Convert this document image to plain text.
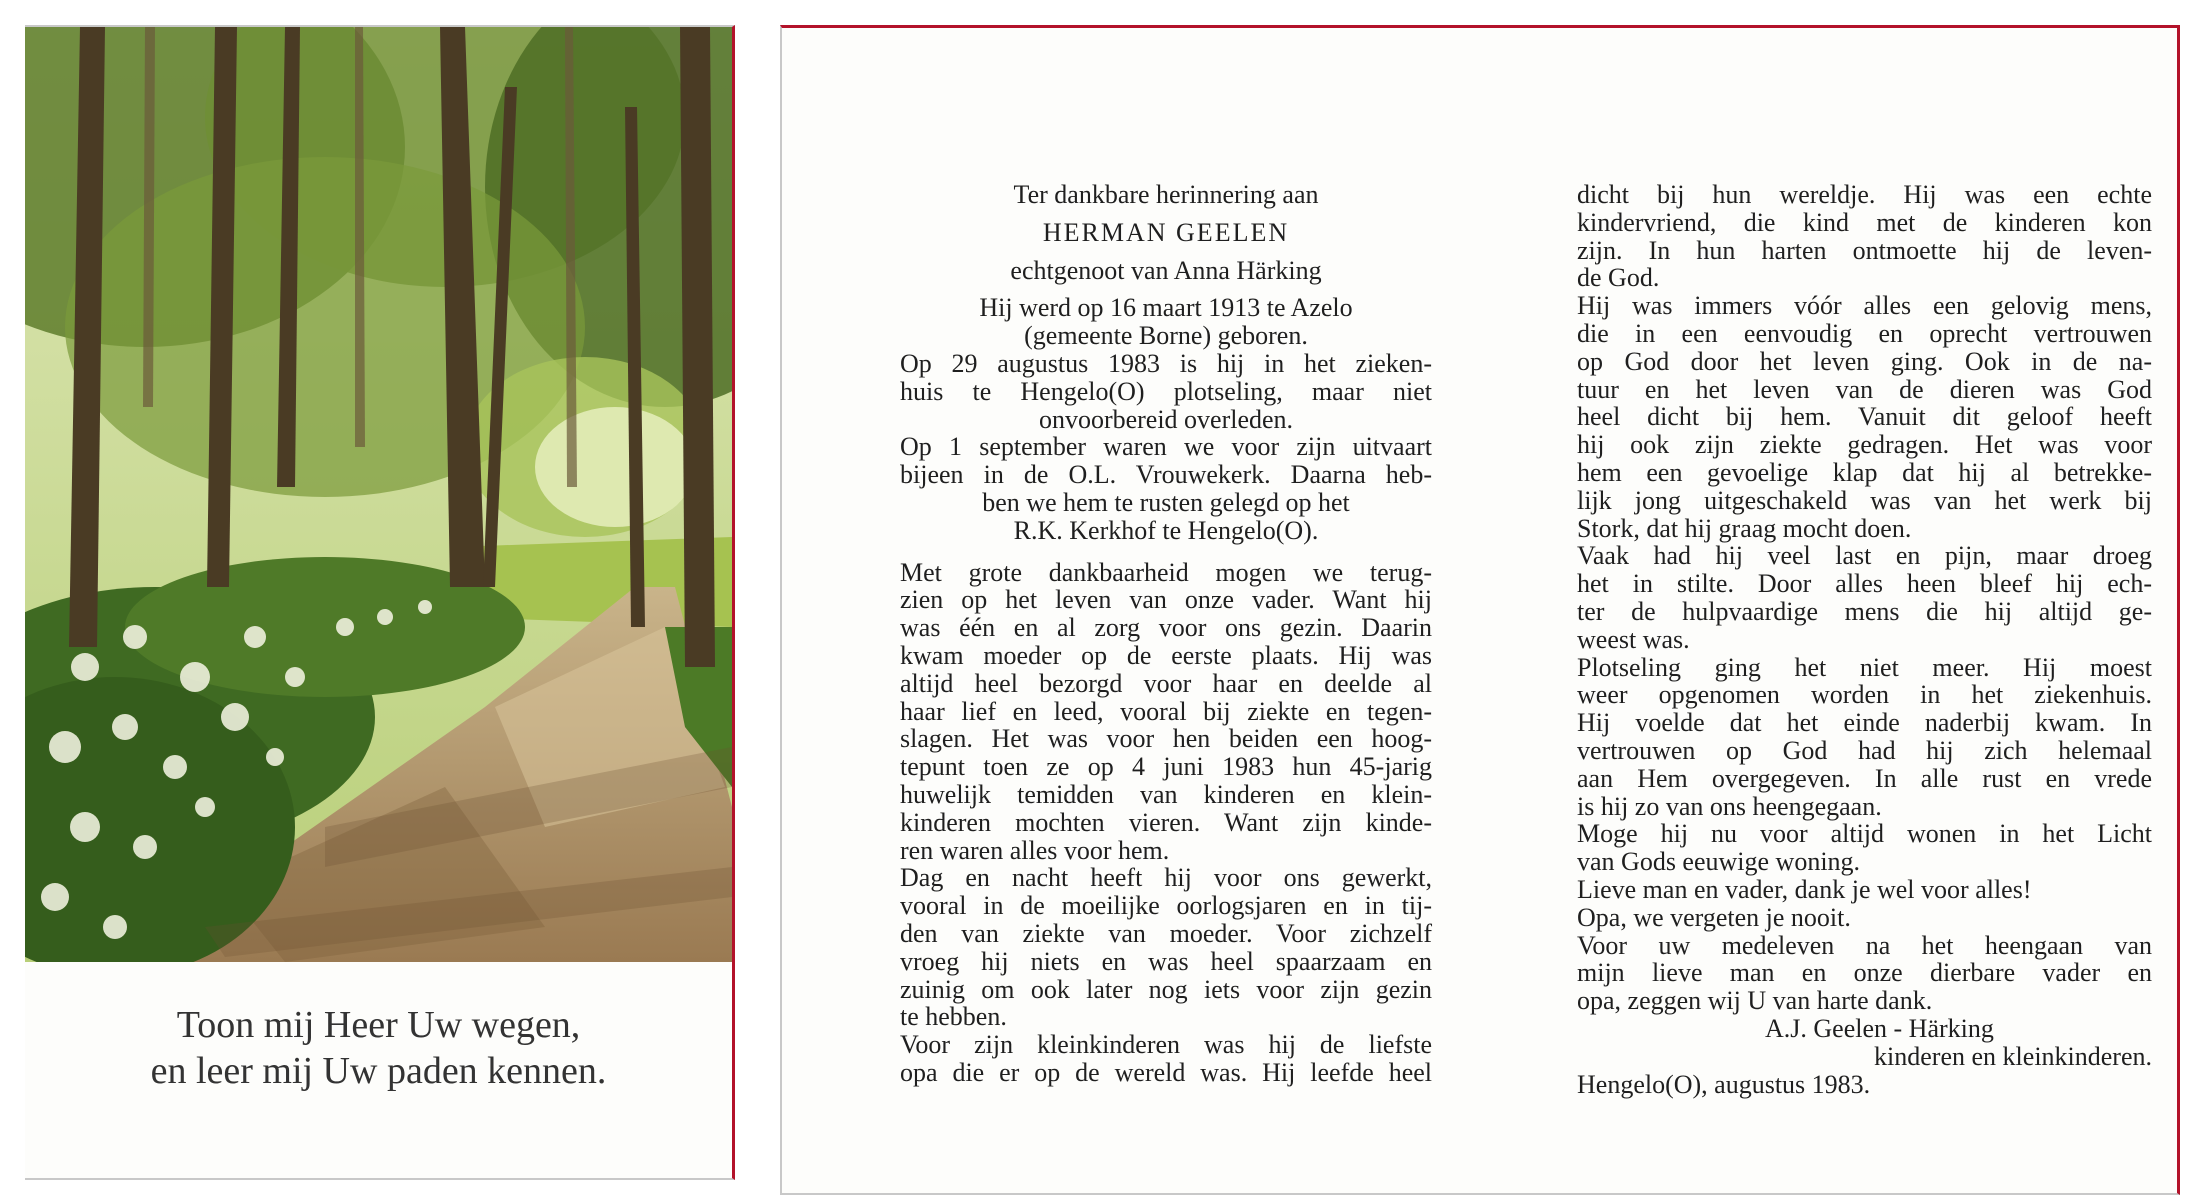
Toon mij Heer Uw wegen,
en leer mij Uw paden kennen.
Ter dankbare herinnering aan
HERMAN GEELEN
echtgenoot van Anna Härking
Hij werd op 16 maart 1913 te Azelo
(gemeente Borne) geboren.
Op 29 augustus 1983 is hij in het zieken-
huis te Hengelo(O) plotseling, maar niet
onvoorbereid overleden.
Op 1 september waren we voor zijn uitvaart
bijeen in de O.L. Vrouwekerk. Daarna heb-
ben we hem te rusten gelegd op het
R.K. Kerkhof te Hengelo(O).
Met grote dankbaarheid mogen we terug-
zien op het leven van onze vader. Want hij
was één en al zorg voor ons gezin. Daarin
kwam moeder op de eerste plaats. Hij was
altijd heel bezorgd voor haar en deelde al
haar lief en leed, vooral bij ziekte en tegen-
slagen. Het was voor hen beiden een hoog-
tepunt toen ze op 4 juni 1983 hun 45-jarig
huwelijk temidden van kinderen en klein-
kinderen mochten vieren. Want zijn kinde-
ren waren alles voor hem.
Dag en nacht heeft hij voor ons gewerkt,
vooral in de moeilijke oorlogsjaren en in tij-
den van ziekte van moeder. Voor zichzelf
vroeg hij niets en was heel spaarzaam en
zuinig om ook later nog iets voor zijn gezin
te hebben.
Voor zijn kleinkinderen was hij de liefste
opa die er op de wereld was. Hij leefde heel
dicht bij hun wereldje. Hij was een echte
kindervriend, die kind met de kinderen kon
zijn. In hun harten ontmoette hij de leven-
de God.
Hij was immers vóór alles een gelovig mens,
die in een eenvoudig en oprecht vertrouwen
op God door het leven ging. Ook in de na-
tuur en het leven van de dieren was God
heel dicht bij hem. Vanuit dit geloof heeft
hij ook zijn ziekte gedragen. Het was voor
hem een gevoelige klap dat hij al betrekke-
lijk jong uitgeschakeld was van het werk bij
Stork, dat hij graag mocht doen.
Vaak had hij veel last en pijn, maar droeg
het in stilte. Door alles heen bleef hij ech-
ter de hulpvaardige mens die hij altijd ge-
weest was.
Plotseling ging het niet meer. Hij moest
weer opgenomen worden in het ziekenhuis.
Hij voelde dat het einde naderbij kwam. In
vertrouwen op God had hij zich helemaal
aan Hem overgegeven. In alle rust en vrede
is hij zo van ons heengegaan.
Moge hij nu voor altijd wonen in het Licht
van Gods eeuwige woning.
Lieve man en vader, dank je wel voor alles!
Opa, we vergeten je nooit.
Voor uw medeleven na het heengaan van
mijn lieve man en onze dierbare vader en
opa, zeggen wij U van harte dank.
A.J. Geelen - Härking
kinderen en kleinkinderen.
Hengelo(O), augustus 1983.
